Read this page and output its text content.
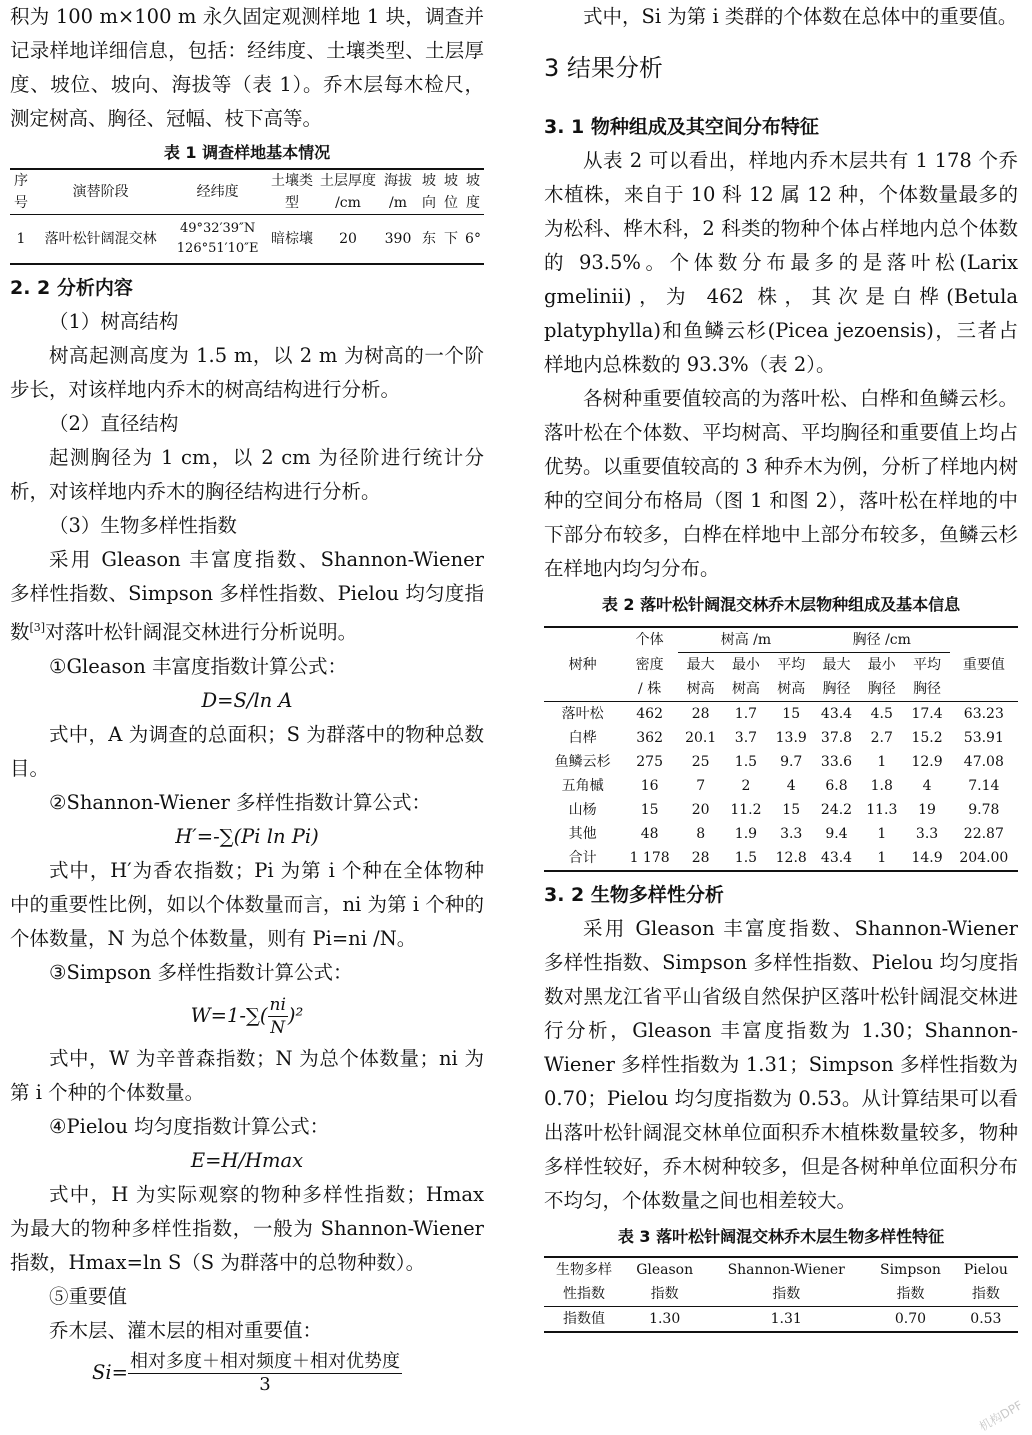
积为 100 m×100 m 永久固定观测样地 1 块，调查并记录样地详细信息，包括：经纬度、土壤类型、土层厚度、坡位、坡向、海拔等（表 1）。乔木层每木检尺，测定树高、胸径、冠幅、枝下高等。

表 1 调查样地基本情况

序号	演替阶段	经纬度	土壤类型	土层厚度 /cm	海拔 /m	坡向	坡位	坡度
1	落叶松针阔混交林	49°32′39″N
126°51′10″E	暗棕壤	20	390	东	下	6°

2. 2 分析内容

（1）树高结构

树高起测高度为 1.5 m，以 2 m 为树高的一个阶步长，对该样地内乔木的树高结构进行分析。

（2）直径结构

起测胸径为 1 cm，以 2 cm 为径阶进行统计分析，对该样地内乔木的胸径结构进行分析。

（3）生物多样性指数

采用 Gleason 丰富度指数、Shannon-Wiener 多样性指数、Simpson 多样性指数、Pielou 均匀度指数[3]对落叶松针阔混交林进行分析说明。

①Gleason 丰富度指数计算公式：

D=S/ln A

式中，A 为调查的总面积；S 为群落中的物种总数目。

②Shannon-Wiener 多样性指数计算公式：

H′=-∑(Pi ln Pi)

式中，H′为香农指数；Pi 为第 i 个种在全体物种中的重要性比例，如以个体数量而言，ni 为第 i 个种的个体数量，N 为总个体数量，则有 Pi=ni /N。

③Simpson 多样性指数计算公式：

$W=1-\sum( \frac{ni}{N} )^2$

式中，W 为辛普森指数；N 为总个体数量；ni 为第 i 个种的个体数量。

④Pielou 均匀度指数计算公式：

E=H/Hmax

式中，H 为实际观察的物种多样性指数；Hmax 为最大的物种多样性指数，一般为 Shannon-Wiener 指数，Hmax=ln S（S 为群落中的总物种数）。

⑤重要值

乔木层、灌木层的相对重要值：

$Si= \frac{\text{相对多度＋相对频度＋相对优势度}}{3}$

式中，Si 为第 i 类群的个体数在总体中的重要值。

3 结果分析

3. 1 物种组成及其空间分布特征

从表 2 可以看出，样地内乔木层共有 1 178 个乔木植株，来自于 10 科 12 属 12 种，个体数量最多的为松科、桦木科，2 科类的物种个体占样地内总个体数的 93.5%。个体数分布最多的是落叶松(Larix gmelinii)，为 462 株，其次是白桦(Betula platyphylla)和鱼鳞云杉(Picea jezoensis)，三者占样地内总株数的 93.3%（表 2）。

各树种重要值较高的为落叶松、白桦和鱼鳞云杉。落叶松在个体数、平均树高、平均胸径和重要值上均占优势。以重要值较高的 3 种乔木为例，分析了样地内树种的空间分布格局（图 1 和图 2），落叶松在样地的中下部分布较多，白桦在样地中上部分布较多，鱼鳞云杉在样地内均匀分布。

表 2 落叶松针阔混交林乔木层物种组成及基本信息

树种	个体	树高 /m			胸径 /cm			重要值
	密度	最大	最小	平均	最大	最小	平均	
	/ 株	树高	树高	树高	胸径	胸径	胸径	
落叶松	462	28	1.7	15	43.4	4.5	17.4	63.23
白桦	362	20.1	3.7	13.9	37.8	2.7	15.2	53.91
鱼鳞云杉	275	25	1.5	9.7	33.6	1	12.9	47.08
五角槭	16	7	2	4	6.8	1.8	4	7.14
山杨	15	20	11.2	15	24.2	11.3	19	9.78
其他	48	8	1.9	3.3	9.4	1	3.3	22.87
合计	1 178	28	1.5	12.8	43.4	1	14.9	204.00

3. 2 生物多样性分析

采用 Gleason 丰富度指数、Shannon-Wiener 多样性指数、Simpson 多样性指数、Pielou 均匀度指数对黑龙江省平山省级自然保护区落叶松针阔混交林进行分析，Gleason 丰富度指数为 1.30；Shannon-Wiener 多样性指数为 1.31；Simpson 多样性指数为 0.70；Pielou 均匀度指数为 0.53。从计算结果可以看出落叶松针阔混交林单位面积乔木植株数量较多，物种多样性较好，乔木树种较多，但是各树种单位面积分布不均匀，个体数量之间也相差较大。

表 3 落叶松针阔混交林乔木层生物多样性特征

生物多样	Gleason	Shannon-Wiener	Simpson	Pielou
性指数	指数	指数	指数	指数
指数值	1.30	1.31	0.70	0.53
机构DPF
